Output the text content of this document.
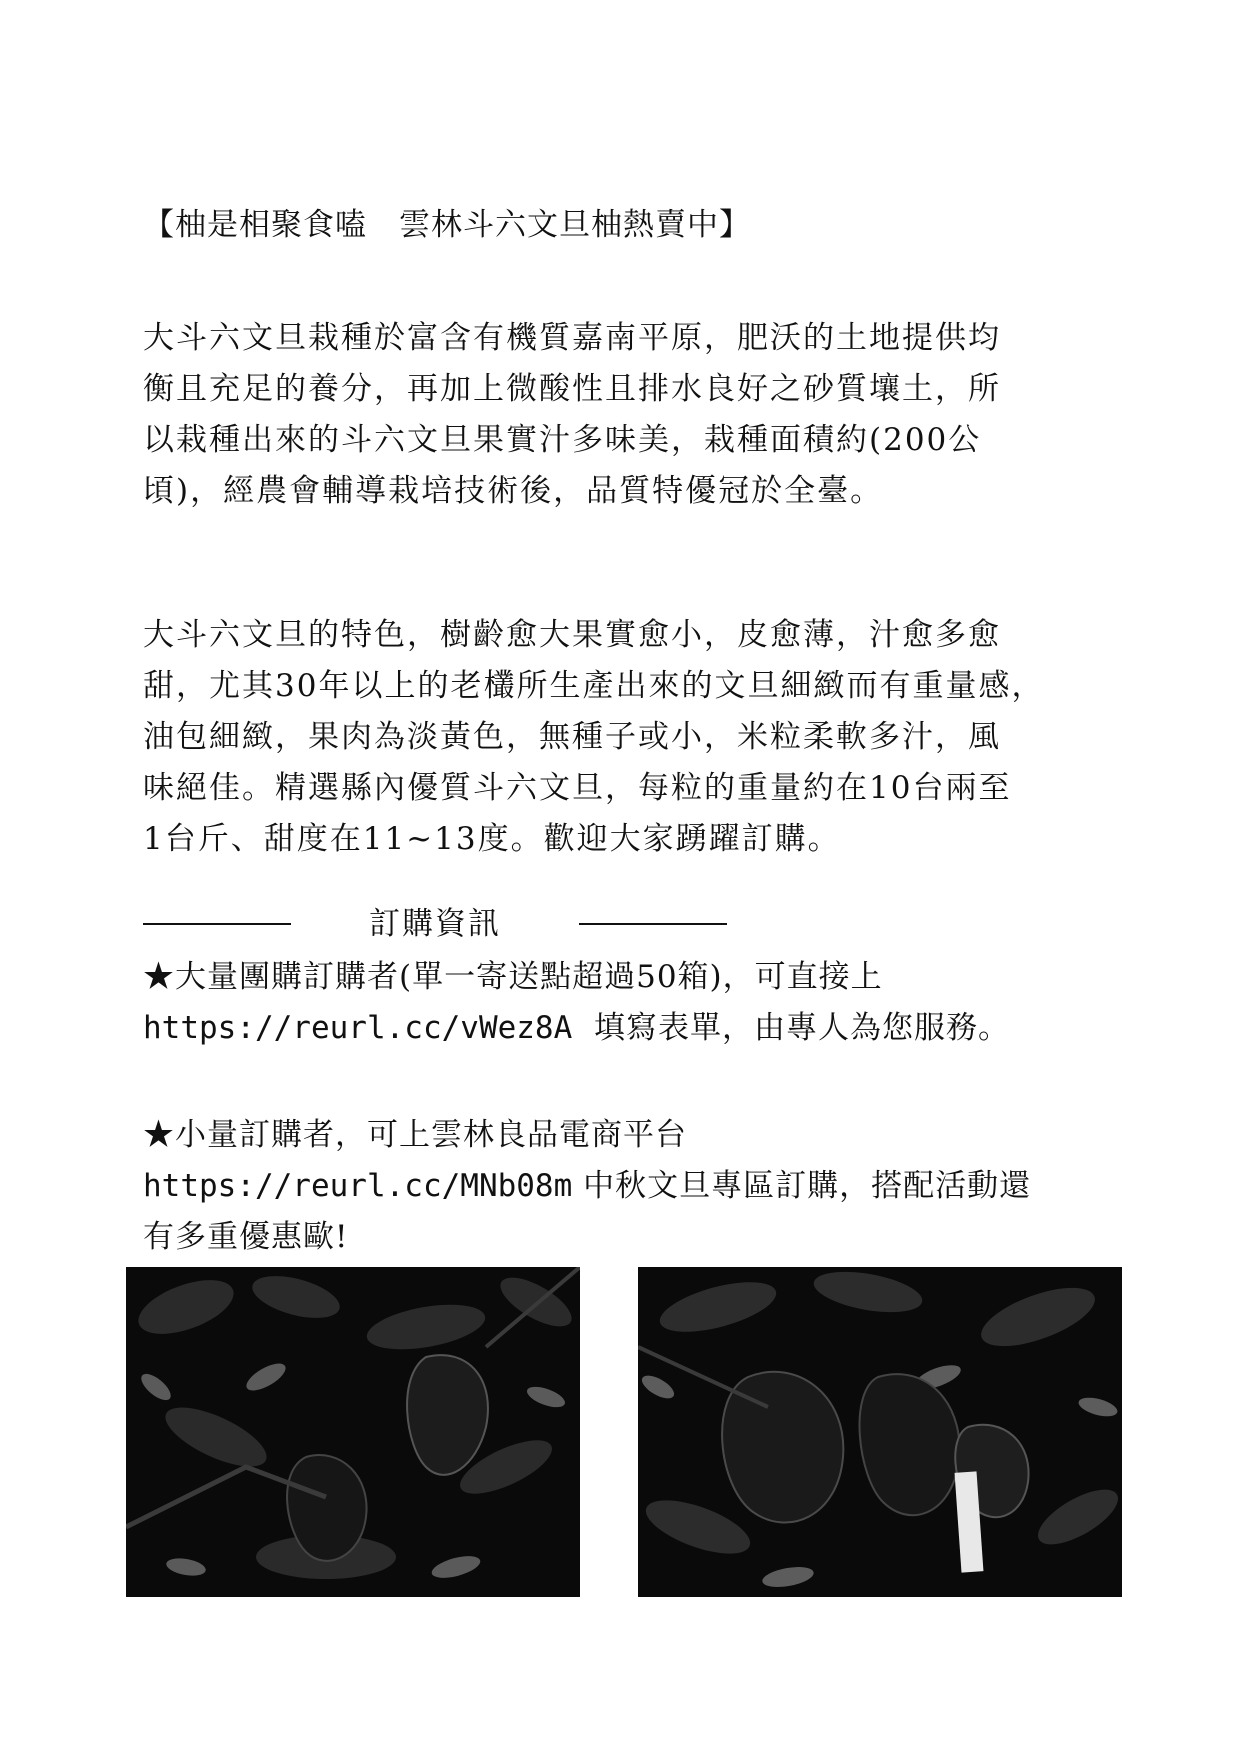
【柚是相聚食嗑　雲林斗六文旦柚熱賣中】
大斗六文旦栽種於富含有機質嘉南平原，肥沃的土地提供均
衡且充足的養分，再加上微酸性且排水良好之砂質壤土，所
以栽種出來的斗六文旦果實汁多味美，栽種面積約(200公
頃)，經農會輔導栽培技術後，品質特優冠於全臺。
大斗六文旦的特色，樹齡愈大果實愈小，皮愈薄，汁愈多愈
甜，尤其30年以上的老欉所生產出來的文旦細緻而有重量感，
油包細緻，果肉為淡黃色，無種子或小，米粒柔軟多汁，風
味絕佳。精選縣內優質斗六文旦，每粒的重量約在10台兩至
1台斤、甜度在11~13度。歡迎大家踴躍訂購。
訂購資訊
★大量團購訂購者(單一寄送點超過50箱)，可直接上
https://reurl.cc/vWez8A 填寫表單，由專人為您服務。
★小量訂購者，可上雲林良品電商平台
https://reurl.cc/MNb08m 中秋文旦專區訂購，搭配活動還
有多重優惠歐!
